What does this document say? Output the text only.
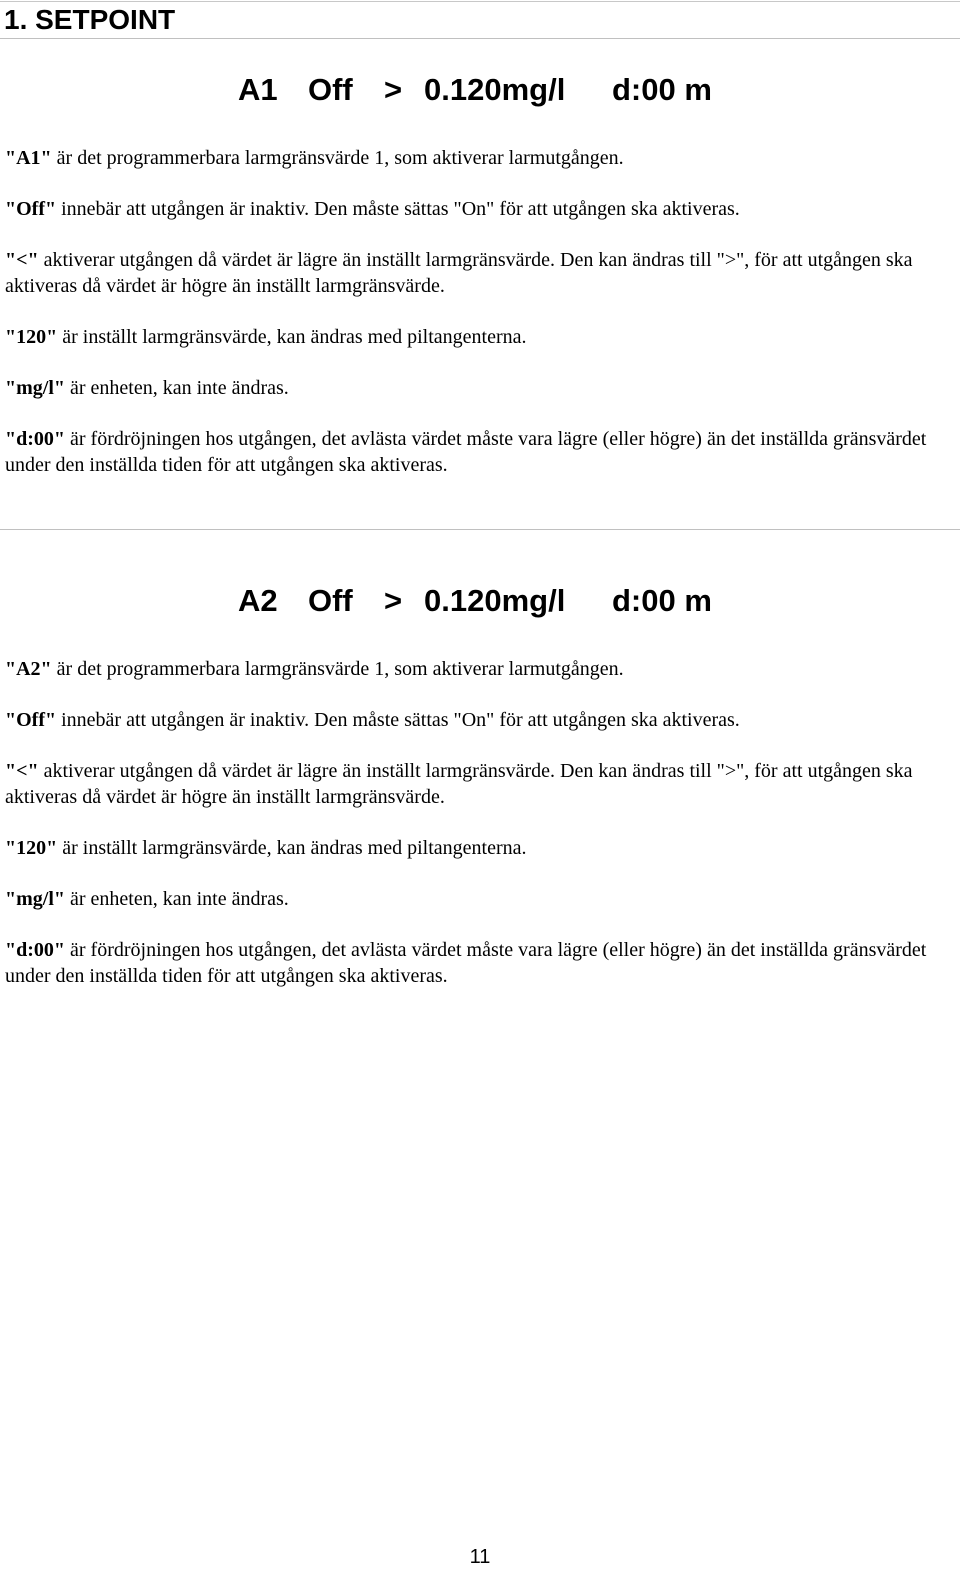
1. SETPOINT
A1 Off > 0.120mg/l d:00 m

"A1" är det programmerbara larmgränsvärde 1, som aktiverar larmutgången.

"Off" innebär att utgången är inaktiv. Den måste sättas "On" för att utgången ska aktiveras.

"<" aktiverar utgången då värdet är lägre än inställt larmgränsvärde. Den kan ändras till ">", för att utgången ska aktiveras då värdet är högre än inställt larmgränsvärde.

"120" är inställt larmgränsvärde, kan ändras med piltangenterna.

"mg/l" är enheten, kan inte ändras.

"d:00" är fördröjningen hos utgången, det avlästa värdet måste vara lägre (eller högre) än det inställda gränsvärdet under den inställda tiden för att utgången ska aktiveras.

A2 Off > 0.120mg/l d:00 m

"A2" är det programmerbara larmgränsvärde 1, som aktiverar larmutgången.

"Off" innebär att utgången är inaktiv. Den måste sättas "On" för att utgången ska aktiveras.

"<" aktiverar utgången då värdet är lägre än inställt larmgränsvärde. Den kan ändras till ">", för att utgången ska aktiveras då värdet är högre än inställt larmgränsvärde.

"120" är inställt larmgränsvärde, kan ändras med piltangenterna.

"mg/l" är enheten, kan inte ändras.

"d:00" är fördröjningen hos utgången, det avlästa värdet måste vara lägre (eller högre) än det inställda gränsvärdet under den inställda tiden för att utgången ska aktiveras.

11
